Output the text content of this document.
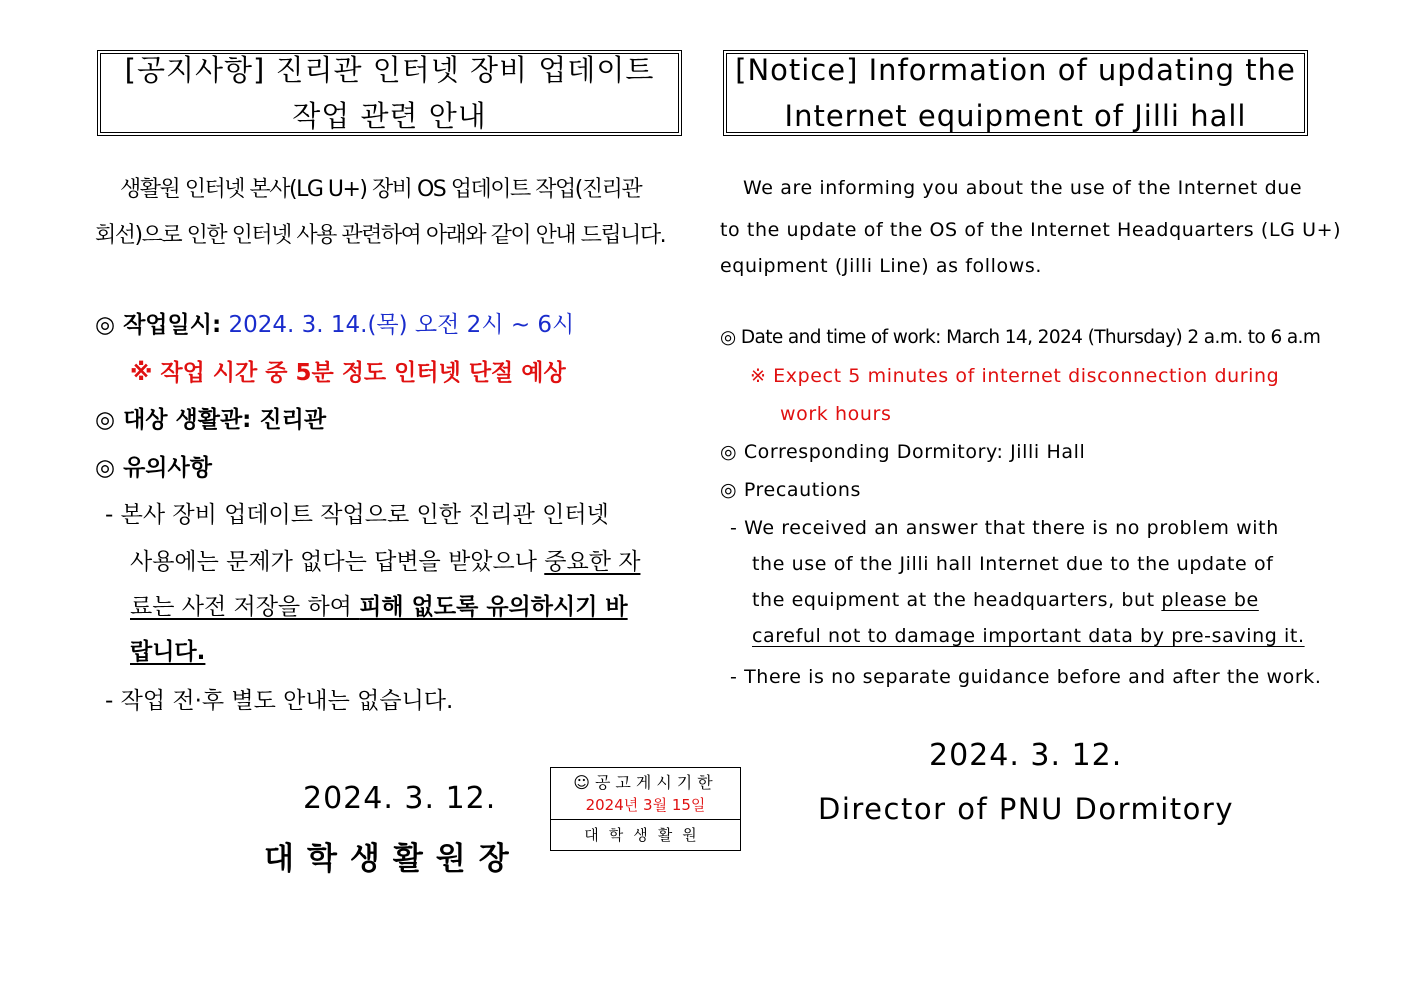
[공지사항] 진리관 인터넷 장비 업데이트
작업 관련 안내
생활원 인터넷 본사(LG U+) 장비 OS 업데이트 작업(진리관
회선)으로 인한 인터넷 사용 관련하여 아래와 같이 안내 드립니다.
◎ 작업일시: 2024. 3. 14.(목) 오전 2시 ~ 6시
※ 작업 시간 중 5분 정도 인터넷 단절 예상
◎ 대상 생활관: 진리관
◎ 유의사항
- 본사 장비 업데이트 작업으로 인한 진리관 인터넷
사용에는 문제가 없다는 답변을 받았으나 중요한 자
료는 사전 저장을 하여 피해 없도록 유의하시기 바
랍니다.
- 작업 전·후 별도 안내는 없습니다.
2024. 3. 12.
대학생활원장
☺공고게시기한
2024년 3월 15일
대학생활원
[Notice] Information of updating the
Internet equipment of Jilli hall
We are informing you about the use of the Internet due
to the update of the OS of the Internet Headquarters (LG U+)
equipment (Jilli Line) as follows.
◎ Date and time of work: March 14, 2024 (Thursday) 2 a.m. to 6 a.m
※ Expect 5 minutes of internet disconnection during
work hours
◎ Corresponding Dormitory: Jilli Hall
◎ Precautions
- We received an answer that there is no problem with
the use of the Jilli hall Internet due to the update of
the equipment at the headquarters, but please be
careful not to damage important data by pre-saving it.
- There is no separate guidance before and after the work.
2024. 3. 12.
Director of PNU Dormitory
